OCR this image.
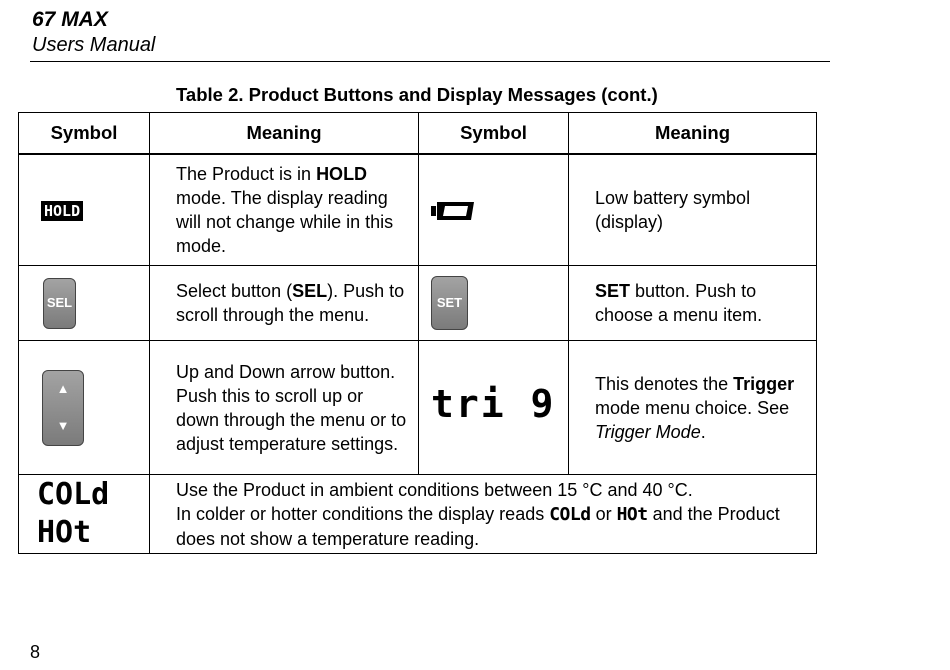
67 MAX
Users Manual
Table 2. Product Buttons and Display Messages (cont.)
Symbol	Meaning	Symbol	Meaning
HOLD	The Product is in HOLD mode. The display reading will not change while in this mode.		Low battery symbol (display)
SEL	Select button (SEL). Push to scroll through the menu.	SET	SET button. Push to choose a menu item.

▲
▼	Up and Down arrow button. Push this to scroll up or down through the menu or to adjust temperature settings.	tri 9	This denotes the Trigger mode menu choice. See Trigger Mode.

COLd
HOt	Use the Product in ambient conditions between 15 °C and 40 °C.
In colder or hotter conditions the display reads COLd or HOt and the Product does not show a temperature reading.		
8
